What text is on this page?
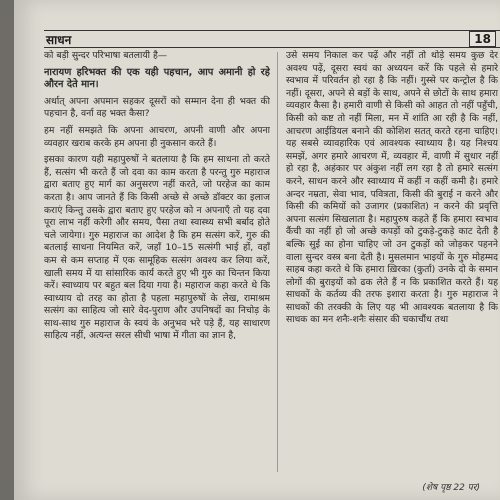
साधन	18

को बड़ी सुन्दर परिभाषा बतलायी है—

नारायण हरिभक्त की एक यही पहचान, आप अमानी हो रहे औरन देते मान।

अर्थात् अपना अपमान सहकर दूसरों को सम्मान देना ही भक्त की पहचान है, वर्ना वह भक्त कैसा?

हम नहीं समझते कि अपना आचरण, अपनी वाणी और अपना व्यवहार खराब करके हम अपना ही नुकसान करते हैं।

इसका कारण यही महापुरुषों ने बतलाया है कि हम साधना तो करते हैं, सत्संग भी करते हैं जो दवा का काम करता है परन्तु गुरु महाराज द्वारा बताए हुए मार्ग का अनुसरण नहीं करते, जो परहेज का काम करता है। आप जानते हैं कि किसी अच्छे से अच्छे डॉक्टर का इलाज कराएं किन्तु उसके द्वारा बताए हुए परहेज को न अपनाएँ तो यह दवा पूरा लाभ नहीं करेगी और समय, पैसा तथा स्वास्थ्य सभी बर्बाद होते चले जायेगा। गुरु महाराज का आदेश है कि हम सत्संग करें, गुरु की बतलाई साधना नियमित करें, जहाँ 10–15 सत्संगी भाई हों, वहाँ कम से कम सप्ताह में एक सामूहिक सत्संग अवश्य कर लिया करें, खाली समय में या सांसारिक कार्य करते हुए भी गुरु का चिन्तन किया करें। स्वाध्याय पर बहुत बल दिया गया है। महाराज कहा करते थे कि स्वाध्याय दो तरह का होता है पहला महापुरुषों के लेख, रामाश्रम सत्संग का साहित्य जो सारे वेद-पुराण और उपनिषदों का निचोड़ के साथ-साथ गुरु महाराज के स्वयं के अनुभव भरे पड़े हैं, यह साधारण साहित्य नहीं, अत्यन्त सरल सीधी भाषा में गीता का ज्ञान है,

उसे समय निकाल कर पढ़ें और नहीं तो थोड़े समय कुछ देर अवश्य पढ़ें, दूसरा स्वयं का अध्ययन करें कि पहले से हमारे स्वभाव में परिवर्तन हो रहा है कि नहीं। गुस्से पर कन्ट्रोल है कि नहीं। दूसरा, अपने से बड़ों के साथ, अपने से छोटों के साथ हमारा व्यवहार कैसा है। हमारी वाणी से किसी को आहत तो नहीं पहुँची, किसी को कष्ट तो नहीं मिला, मन में शांति आ रही है कि नहीं, आचरण आईडियल बनाने की कोशिश सतत् करते रहना चाहिए। यह सबसे व्यावहारिक एवं आवश्यक स्वाध्याय है। यह निश्चय समझें, अगर हमारे आचरण में, व्यवहार में, वाणी में सुधार नहीं हो रहा है, अहंकार पर अंकुश नहीं लग रहा है तो हमारे सत्संग करने, साधन करने और स्वाध्याय में कहीं न कहीं कमी है। हमारे अन्दर नम्रता, सेवा भाव, पवित्रता, किसी की बुराई न करने और किसी की कमियों को उजागर (प्रकाशित) न करने की प्रवृत्ति अपना सत्संग सिखलाता है। महापुरुष कहते हैं कि हमारा स्वभाव कैंची का नहीं हो जो अच्छे कपड़ों को टुकड़े-टुकड़े काट देती है बल्कि सुई का होना चाहिए जो उन टुकड़ों को जोड़कर पहनने वाला सुन्दर वस्त्र बना देती है। मुसलमान भाइयों के गुरु मोहम्मद साहब कहा करते थे कि हमारा ख़िरका (कुर्ता) उनके दो के समान लोगों की बुराइयों को ढक लेते हैं न कि प्रकाशित करते हैं। यह साधकों के कर्तव्य की तरफ इशारा करता है। गुरु महाराज ने साधकों की तरक्की के लिए यह भी आवश्यक बतलाया है कि साधक का मन शनैः-शनैः संसार की चकाचौंध तथा

(शेष पृष्ठ 22 पर)
